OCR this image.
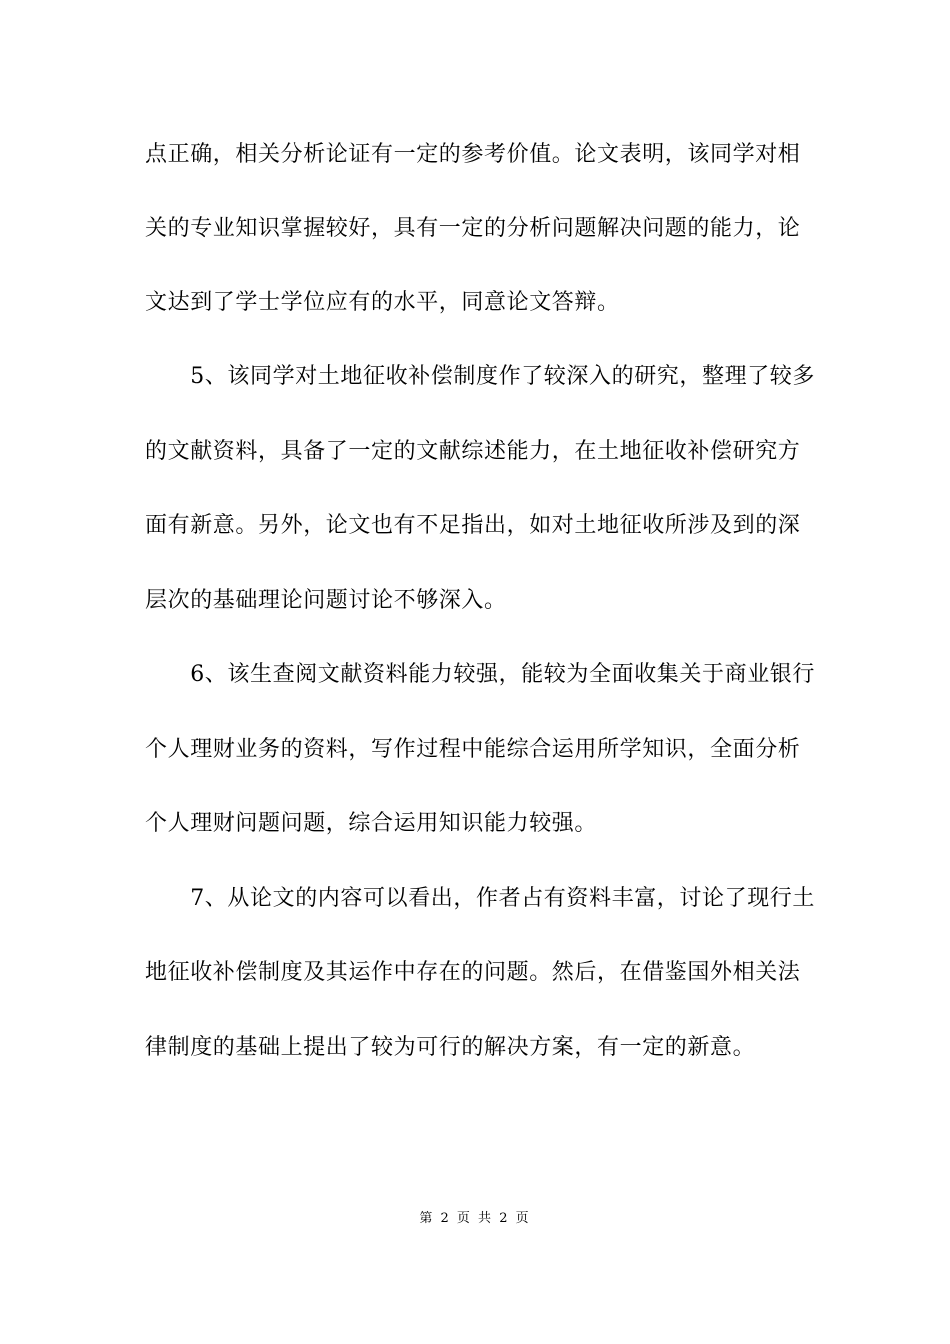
点正确，相关分析论证有一定的参考价值。论文表明，该同学对相
关的专业知识掌握较好，具有一定的分析问题解决问题的能力，论
文达到了学士学位应有的水平，同意论文答辩。
　　5、该同学对土地征收补偿制度作了较深入的研究，整理了较多
的文献资料，具备了一定的文献综述能力，在土地征收补偿研究方
面有新意。另外，论文也有不足指出，如对土地征收所涉及到的深
层次的基础理论问题讨论不够深入。
　　6、该生查阅文献资料能力较强，能较为全面收集关于商业银行
个人理财业务的资料，写作过程中能综合运用所学知识，全面分析
个人理财问题问题，综合运用知识能力较强。
　　7、从论文的内容可以看出，作者占有资料丰富，讨论了现行土
地征收补偿制度及其运作中存在的问题。然后，在借鉴国外相关法
律制度的基础上提出了较为可行的解决方案，有一定的新意。
第 2 页 共 2 页
